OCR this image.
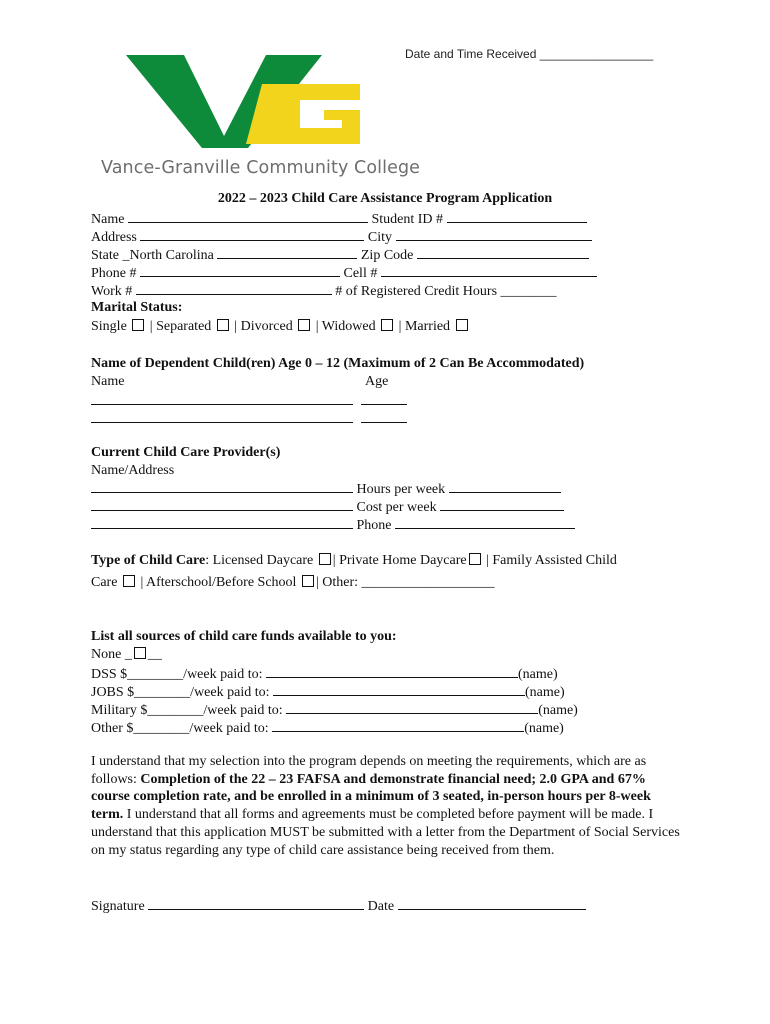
Vance-Granville Community College
Date and Time Received _________________
2022 – 2023 Child Care Assistance Program Application
Name	Student ID #
Address	City
State _North Carolina	Zip Code
Phone #	Cell #
Work #	# of Registered Credit Hours ________
Marital Status:
Single  | Separated  | Divorced  | Widowed  | Married
Name of Dependent Child(ren) Age 0 – 12 (Maximum of 2 Can Be Accommodated)
Name	Age

Current Child Care Provider(s)
Name/Address
Hours per week
Cost per week
Phone
Type of Child Care: Licensed Daycare | Private Home Daycare | Family Assisted Child
Care  | Afterschool/Before School | Other: ___________________
List all sources of child care funds available to you:
None _ __
DSS $________/week paid to:	(name)
JOBS $________/week paid to:	(name)
Military $________/week paid to:	(name)
Other $________/week paid to:	(name)
I understand that my selection into the program depends on meeting the requirements, which are as follows: Completion of the 22 – 23 FAFSA and demonstrate financial need; 2.0 GPA and 67% course completion rate, and be enrolled in a minimum of 3 seated, in-person hours per 8-week term. I understand that all forms and agreements must be completed before payment will be made. I understand that this application MUST be submitted with a letter from the Department of Social Services on my status regarding any type of child care assistance being received from them.
Signature	Date
